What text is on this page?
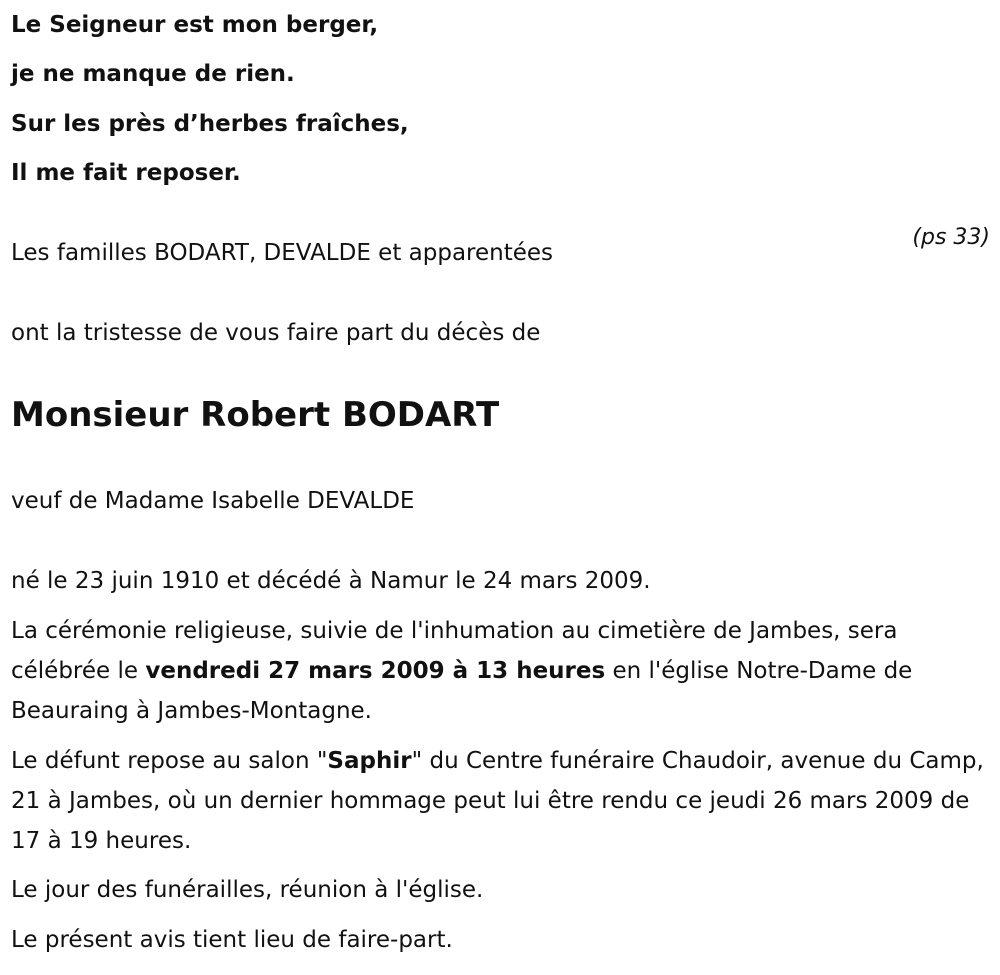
Le Seigneur est mon berger,
je ne manque de rien.
Sur les près d’herbes fraîches,
Il me fait reposer.
(ps 33)
Les familles BODART, DEVALDE et apparentées
ont la tristesse de vous faire part du décès de
Monsieur Robert BODART
veuf de Madame Isabelle DEVALDE
né le 23 juin 1910 et décédé à Namur le 24 mars 2009.
La cérémonie religieuse, suivie de l'inhumation au cimetière de Jambes, sera célébrée le vendredi 27 mars 2009 à 13 heures en l'église Notre-Dame de Beauraing à Jambes-Montagne.
Le défunt repose au salon "Saphir" du Centre funéraire Chaudoir, avenue du Camp, 21 à Jambes, où un dernier hommage peut lui être rendu ce jeudi 26 mars 2009 de 17 à 19 heures.
Le jour des funérailles, réunion à l'église.
Le présent avis tient lieu de faire-part.
